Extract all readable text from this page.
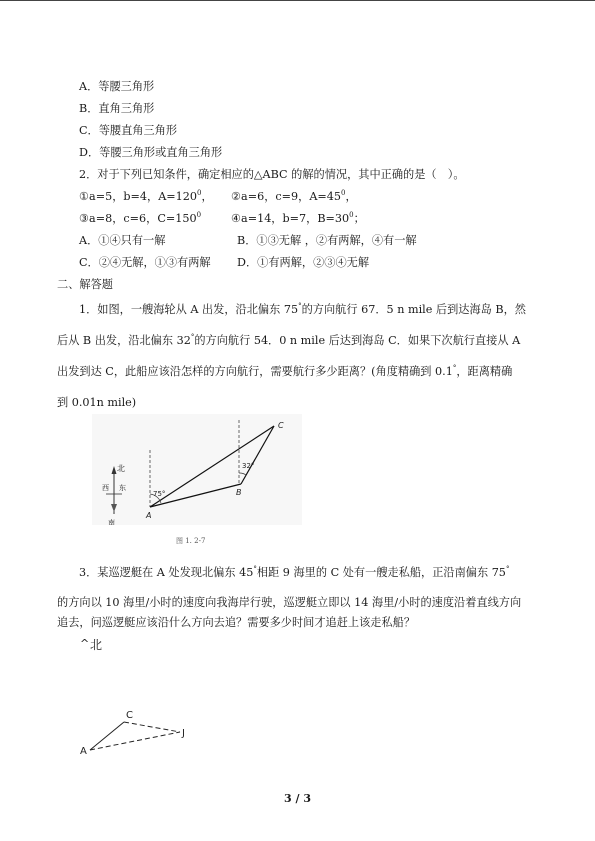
A．等腰三角形
B．直角三角形
C．等腰直角三角形
D．等腰三角形或直角三角形
2．对于下列已知条件，确定相应的△ABC 的解的情况，其中正确的是（　）。
①a=5，b=4，$A=120^0$， ②a=6，c=9，$A=45^0$，
③a=8，c=6，$C=150^0$	④a=14，b=7，$B=30^0$；
A．①④只有一解	B．①③无解 ，②有两解，④有一解
C．②④无解，①③有两解 D．①有两解，②③④无解
二、解答题
1．如图，一艘海轮从 A 出发，沿北偏东 75°的方向航行 67．5 n mile 后到达海岛 B，然
后从 B 出发，沿北偏东 32°的方向航行 54．0 n mile 后达到海岛 C．如果下次航行直接从 A
出发到达 C，此船应该沿怎样的方向航行，需要航行多少距离？(角度精确到 0.1°，距离精确
到 0.01n mile)
北
西 东
南
75°
32°
A
B
C
图 1. 2-7
3．某巡逻艇在 A 处发现北偏东 45°相距 9 海里的 C 处有一艘走私船，正沿南偏东 75°
的方向以 10 海里/小时的速度向我海岸行驶，巡逻艇立即以 14 海里/小时的速度沿着直线方向
追去，问巡逻艇应该沿什么方向去追？需要多少时间才追赶上该走私船？
^ 北
C
A
J
3 / 3
